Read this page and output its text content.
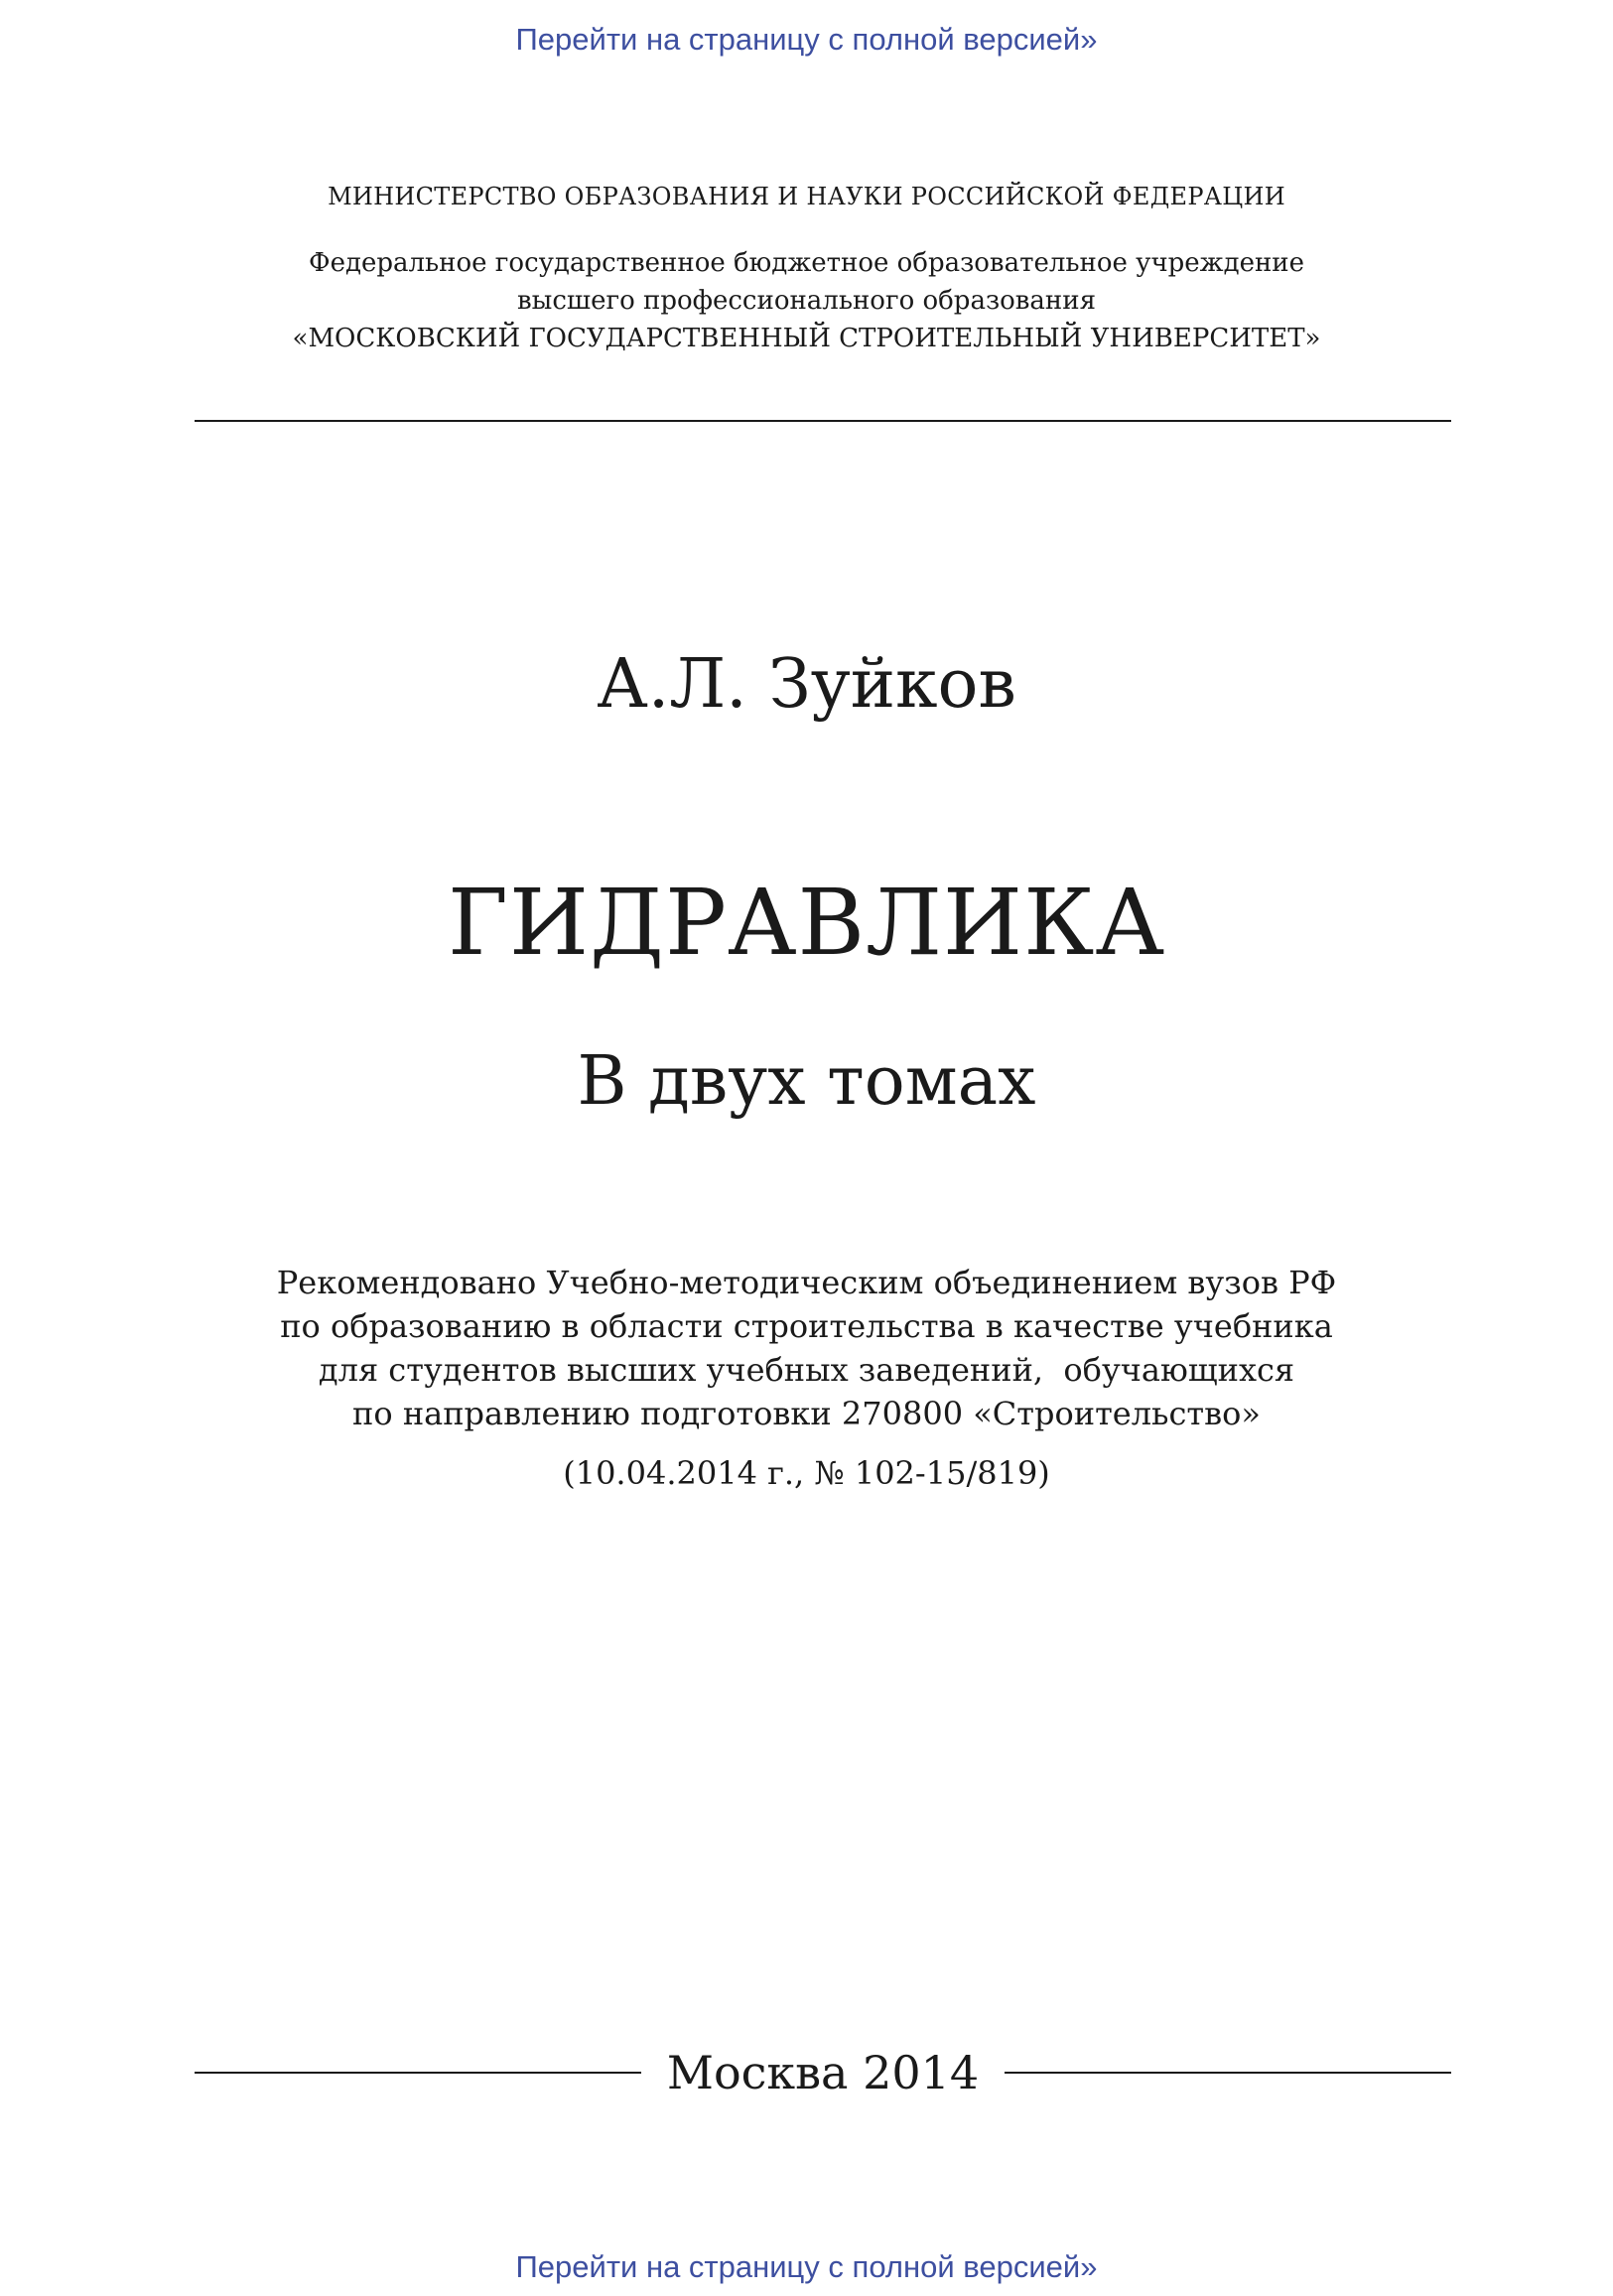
Перейти на страницу с полной версией»
МИНИСТЕРСТВО ОБРАЗОВАНИЯ И НАУКИ РОССИЙСКОЙ ФЕДЕРАЦИИ
Федеральное государственное бюджетное образовательное учреждение
высшего профессионального образования
«МОСКОВСКИЙ ГОСУДАРСТВЕННЫЙ СТРОИТЕЛЬНЫЙ УНИВЕРСИТЕТ»
А.Л. Зуйков
ГИДРАВЛИКА
В двух томах
Рекомендовано Учебно-методическим объединением вузов РФ
по образованию в области строительства в качестве учебника
для студентов высших учебных заведений,  обучающихся
по направлению подготовки 270800 «Строительство»
(10.04.2014 г., № 102-15/819)
Москва 2014
Перейти на страницу с полной версией»
